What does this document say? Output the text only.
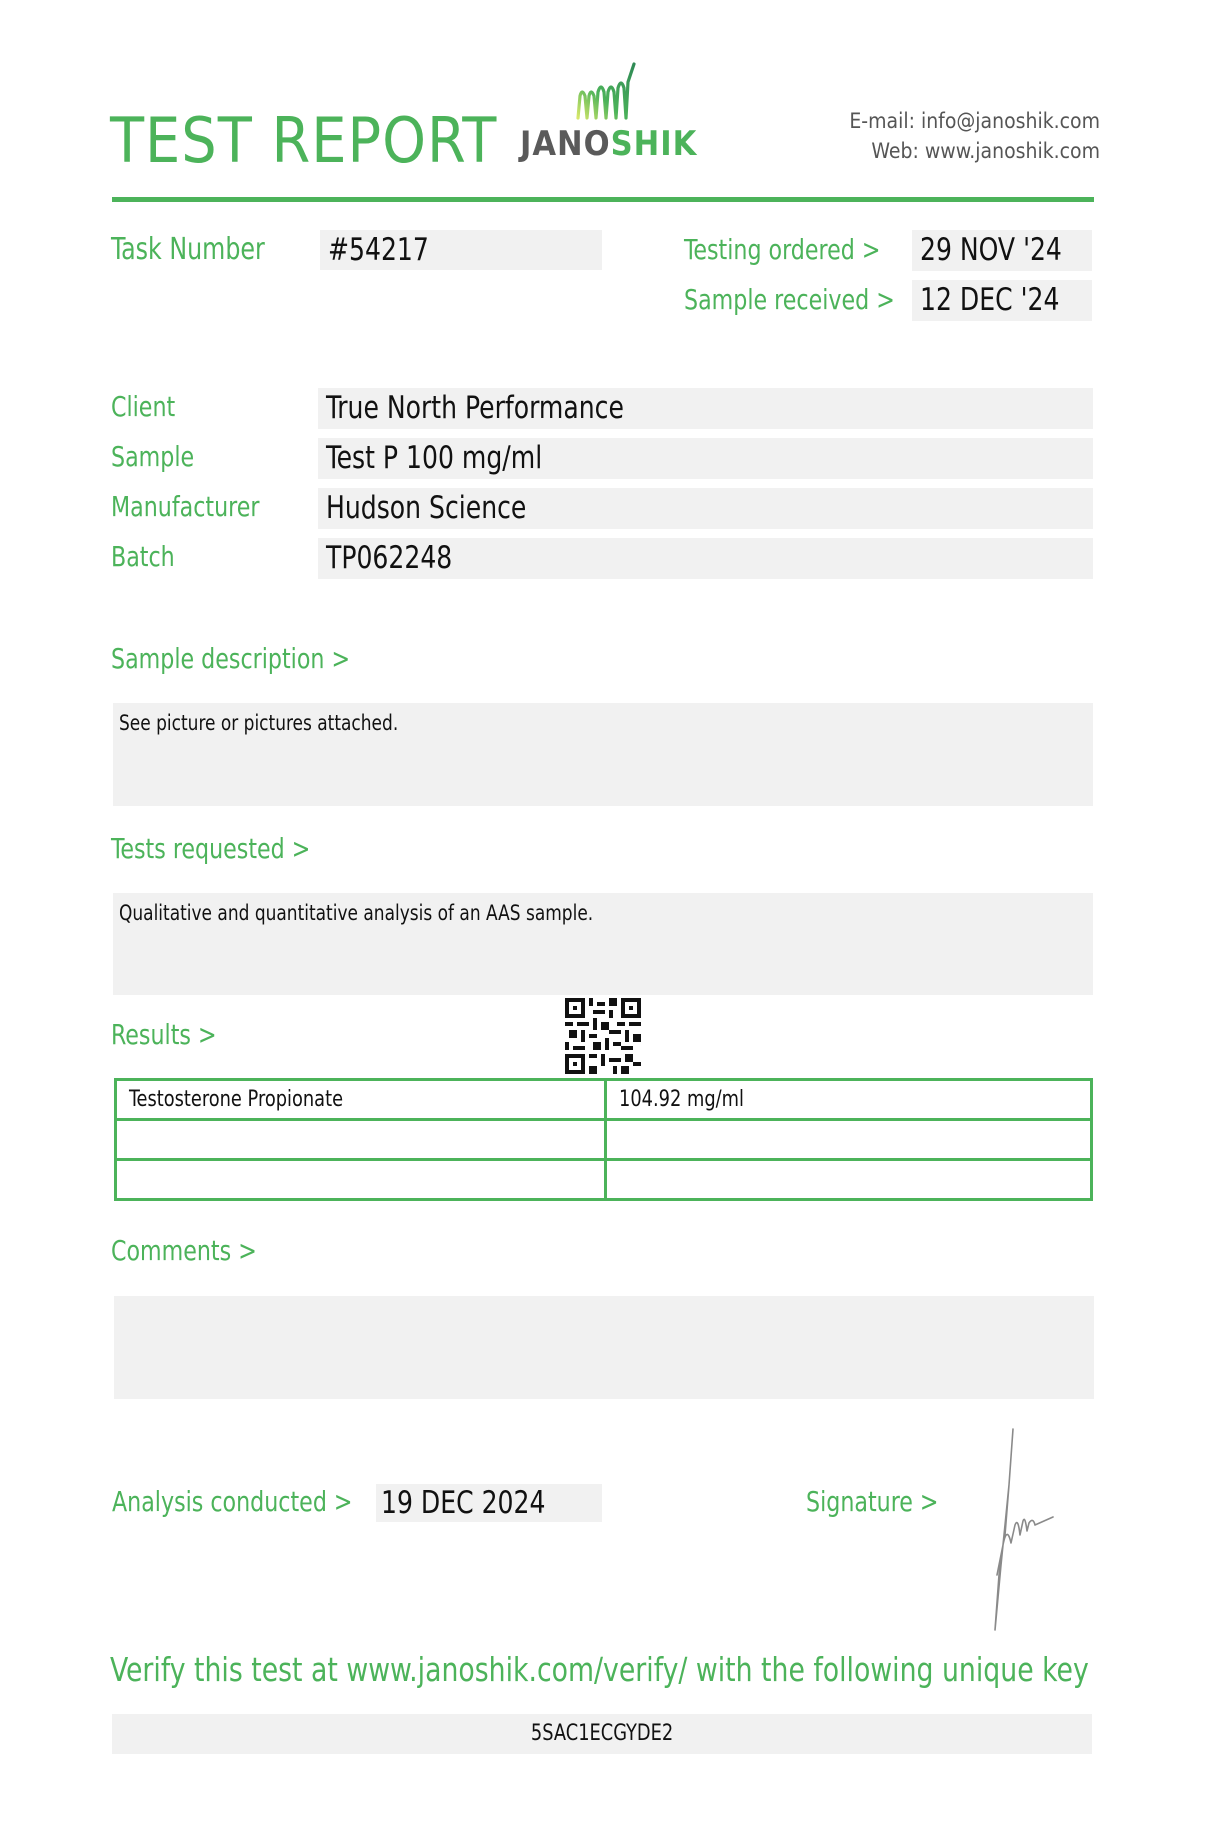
TEST REPORT JANOSHIK
E-mail: info@janoshik.com
Web: www.janoshik.com
Task Number #54217	Testing ordered > 29 NOV '24
Sample received > 12 DEC '24
Client	True North Performance
Sample	Test P 100 mg/ml
Manufacturer Hudson Science
Batch	TP062248
Sample description >
See picture or pictures attached.
Tests requested >
Qualitative and quantitative analysis of an AAS sample.
Results >
Testosterone Propionate	104.92 mg/ml

Comments >
Analysis conducted > 19 DEC 2024	Signature >
Verify this test at www.janoshik.com/verify/ with the following unique key
5SAC1ECGYDE2
